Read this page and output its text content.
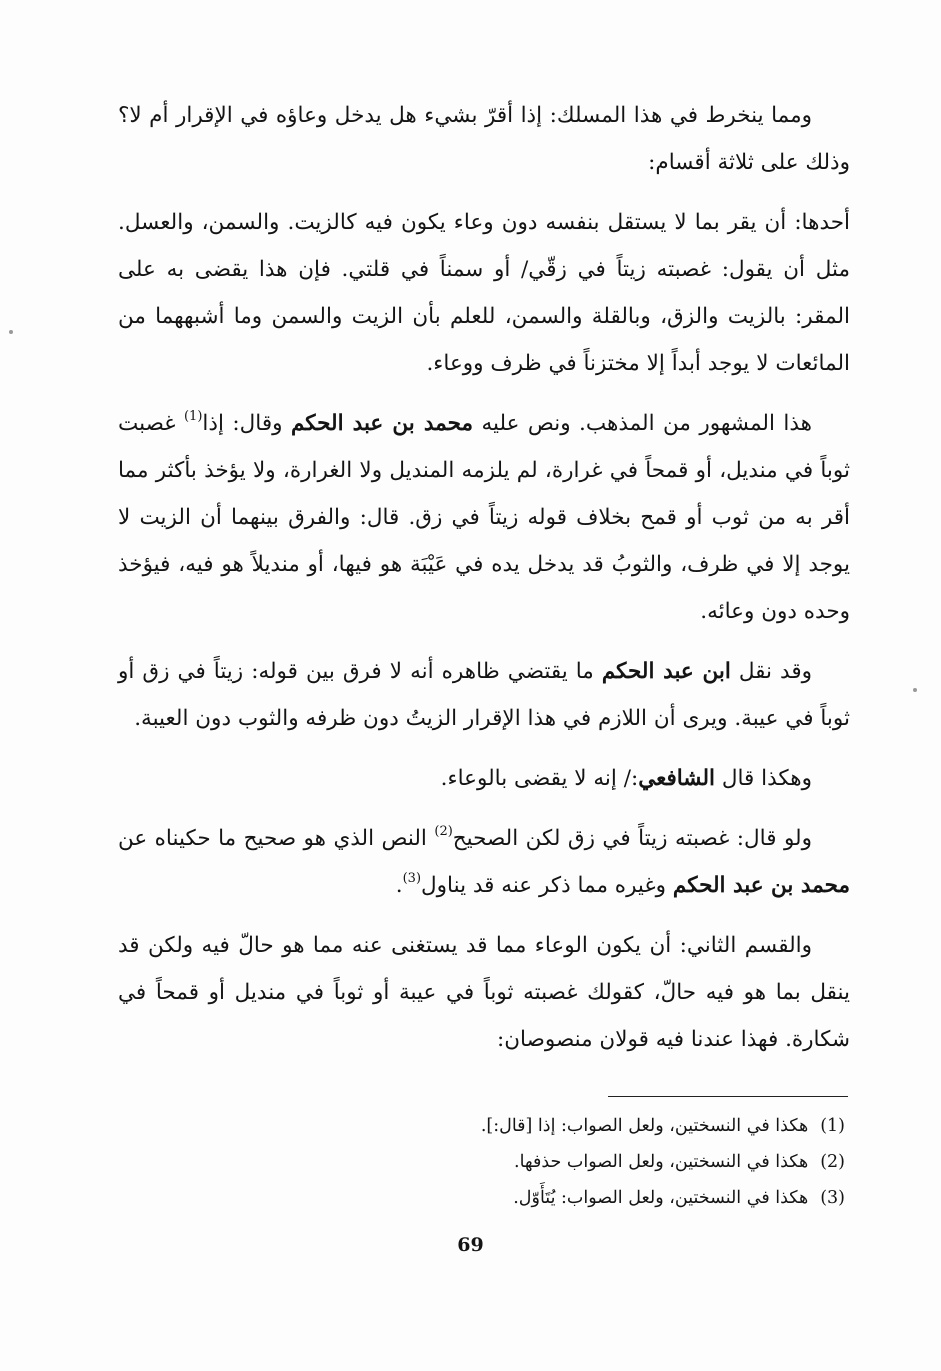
ومما ينخرط في هذا المسلك: إذا أقرّ بشيء هل يدخل وعاؤه في الإقرار أم لا؟ وذلك على ثلاثة أقسام:

أحدها: أن يقر بما لا يستقل بنفسه دون وعاء يكون فيه كالزيت. والسمن، والعسل. مثل أن يقول: غصبته زيتاً في زقّي/ أو سمناً في قلتي. فإن هذا يقضى به على المقر: بالزيت والزق، وبالقلة والسمن، للعلم بأن الزيت والسمن وما أشبههما من المائعات لا يوجد أبداً إلا مختزناً في ظرف ووعاء.

هذا المشهور من المذهب. ونص عليه محمد بن عبد الحكم وقال: إذا$^{(1)}$ غصبت ثوباً في منديل، أو قمحاً في غرارة، لم يلزمه المنديل ولا الغرارة، ولا يؤخذ بأكثر مما أقر به من ثوب أو قمح بخلاف قوله زيتاً في زق. قال: والفرق بينهما أن الزيت لا يوجد إلا في ظرف، والثوبُ قد يدخل يده في عَيْبَة هو فيها، أو منديلاً هو فيه، فيؤخذ وحده دون وعائه.

وقد نقل ابن عبد الحكم ما يقتضي ظاهره أنه لا فرق بين قوله: زيتاً في زق أو ثوباً في عيبة. ويرى أن اللازم في هذا الإقرار الزيتُ دون ظرفه والثوب دون العيبة.

وهكذا قال الشافعي:/ إنه لا يقضى بالوعاء.

ولو قال: غصبته زيتاً في زق لكن الصحيح$^{(2)}$ النص الذي هو صحيح ما حكيناه عن محمد بن عبد الحكم وغيره مما ذكر عنه قد يناول$^{(3)}$.

والقسم الثاني: أن يكون الوعاء مما قد يستغنى عنه مما هو حالّ فيه ولكن قد ينقل بما هو فيه حالّ، كقولك غصبته ثوباً في عيبة أو ثوباً في منديل أو قمحاً في شكارة. فهذا عندنا فيه قولان منصوصان:

(1)هكذا في النسختين، ولعل الصواب: إذا [قال:].
(2)هكذا في النسختين، ولعل الصواب حذفها.
(3)هكذا في النسختين، ولعل الصواب: يُتَأَوّل.
69
